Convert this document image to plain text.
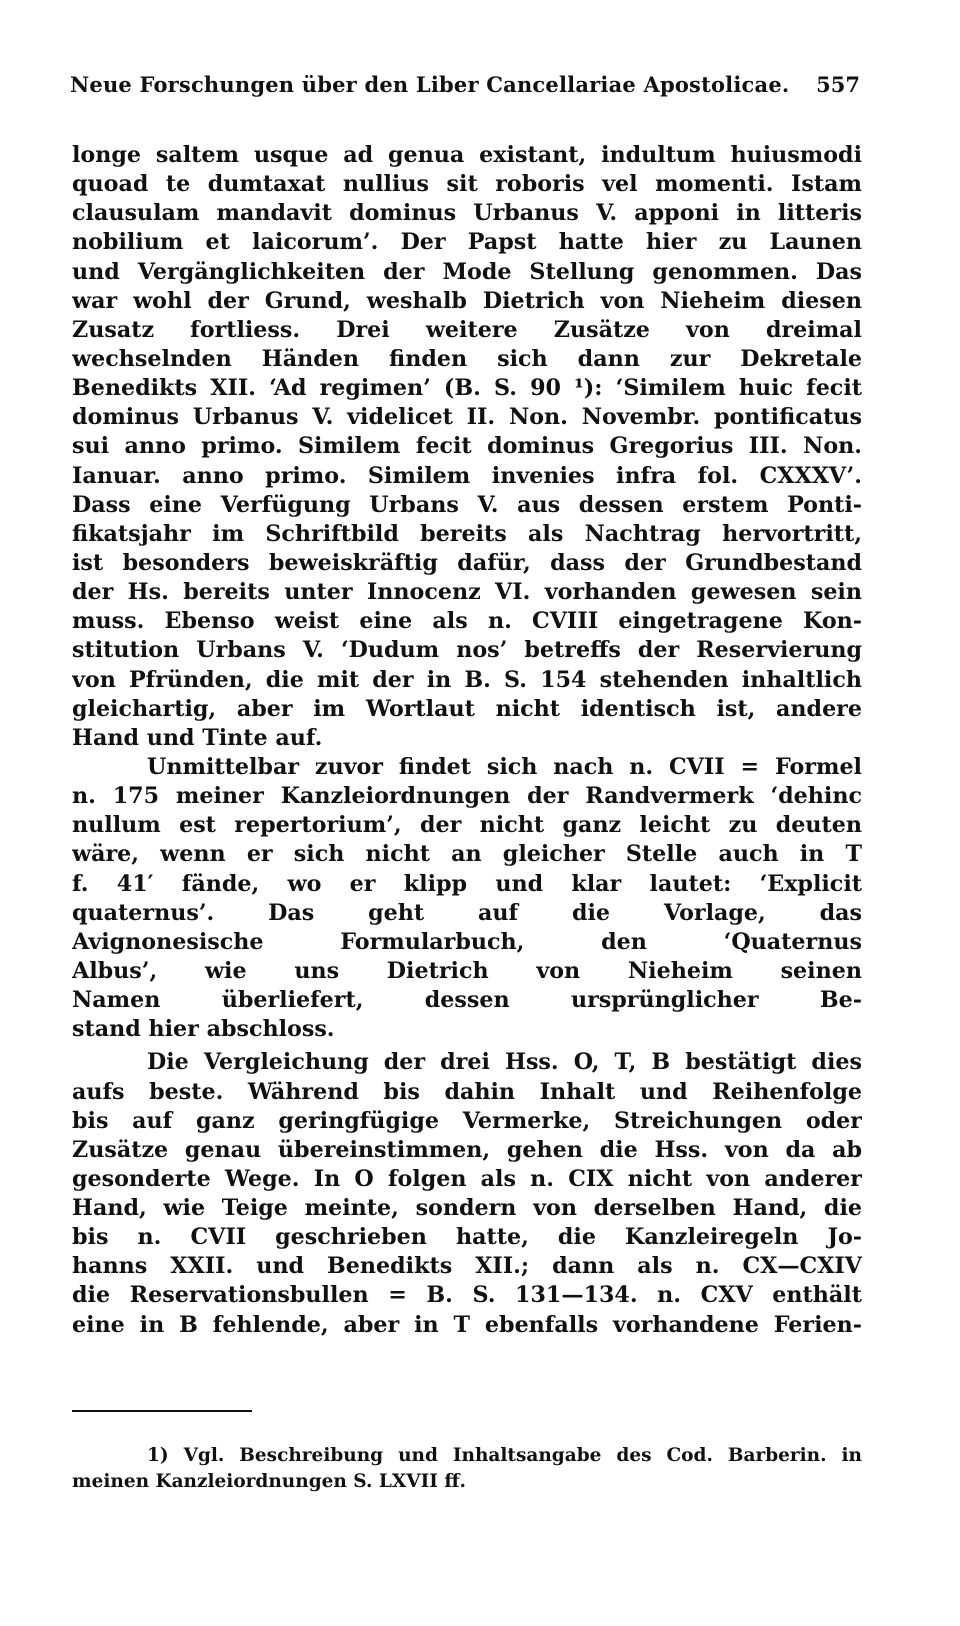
Neue Forschungen über den Liber Cancellariae Apostolicae. 557
longe saltem usque ad genua existant, indultum huiusmodi
quoad te dumtaxat nullius sit roboris vel momenti. Istam
clausulam mandavit dominus Urbanus V. apponi in litteris
nobilium et laicorum’. Der Papst hatte hier zu Launen
und Vergänglichkeiten der Mode Stellung genommen. Das
war wohl der Grund, weshalb Dietrich von Nieheim diesen
Zusatz fortliess. Drei weitere Zusätze von dreimal
wechselnden Händen finden sich dann zur Dekretale
Benedikts XII. ‘Ad regimen’ (B. S. 90 ¹): ‘Similem huic fecit
dominus Urbanus V. videlicet II. Non. Novembr. pontificatus
sui anno primo. Similem fecit dominus Gregorius III. Non.
Ianuar. anno primo. Similem invenies infra fol. CXXXV’.
Dass eine Verfügung Urbans V. aus dessen erstem Ponti-
fikatsjahr im Schriftbild bereits als Nachtrag hervortritt,
ist besonders beweiskräftig dafür, dass der Grundbestand
der Hs. bereits unter Innocenz VI. vorhanden gewesen sein
muss. Ebenso weist eine als n. CVIII eingetragene Kon-
stitution Urbans V. ‘Dudum nos’ betreffs der Reservierung
von Pfründen, die mit der in B. S. 154 stehenden inhaltlich
gleichartig, aber im Wortlaut nicht identisch ist, andere
Hand und Tinte auf.
Unmittelbar zuvor findet sich nach n. CVII = Formel
n. 175 meiner Kanzleiordnungen der Randvermerk ‘dehinc
nullum est repertorium’, der nicht ganz leicht zu deuten
wäre, wenn er sich nicht an gleicher Stelle auch in T
f. 41′ fände, wo er klipp und klar lautet: ‘Explicit
quaternus’. Das geht auf die Vorlage, das
Avignonesische Formularbuch, den ‘Quaternus
Albus’, wie uns Dietrich von Nieheim seinen
Namen überliefert, dessen ursprünglicher Be-
stand hier abschloss.
Die Vergleichung der drei Hss. O, T, B bestätigt dies
aufs beste. Während bis dahin Inhalt und Reihenfolge
bis auf ganz geringfügige Vermerke, Streichungen oder
Zusätze genau übereinstimmen, gehen die Hss. von da ab
gesonderte Wege. In O folgen als n. CIX nicht von anderer
Hand, wie Teige meinte, sondern von derselben Hand, die
bis n. CVII geschrieben hatte, die Kanzleiregeln Jo-
hanns XXII. und Benedikts XII.; dann als n. CX—CXIV
die Reservationsbullen = B. S. 131—134. n. CXV enthält
eine in B fehlende, aber in T ebenfalls vorhandene Ferien-
1) Vgl. Beschreibung und Inhaltsangabe des Cod. Barberin. in
meinen Kanzleiordnungen S. LXVII ff.
